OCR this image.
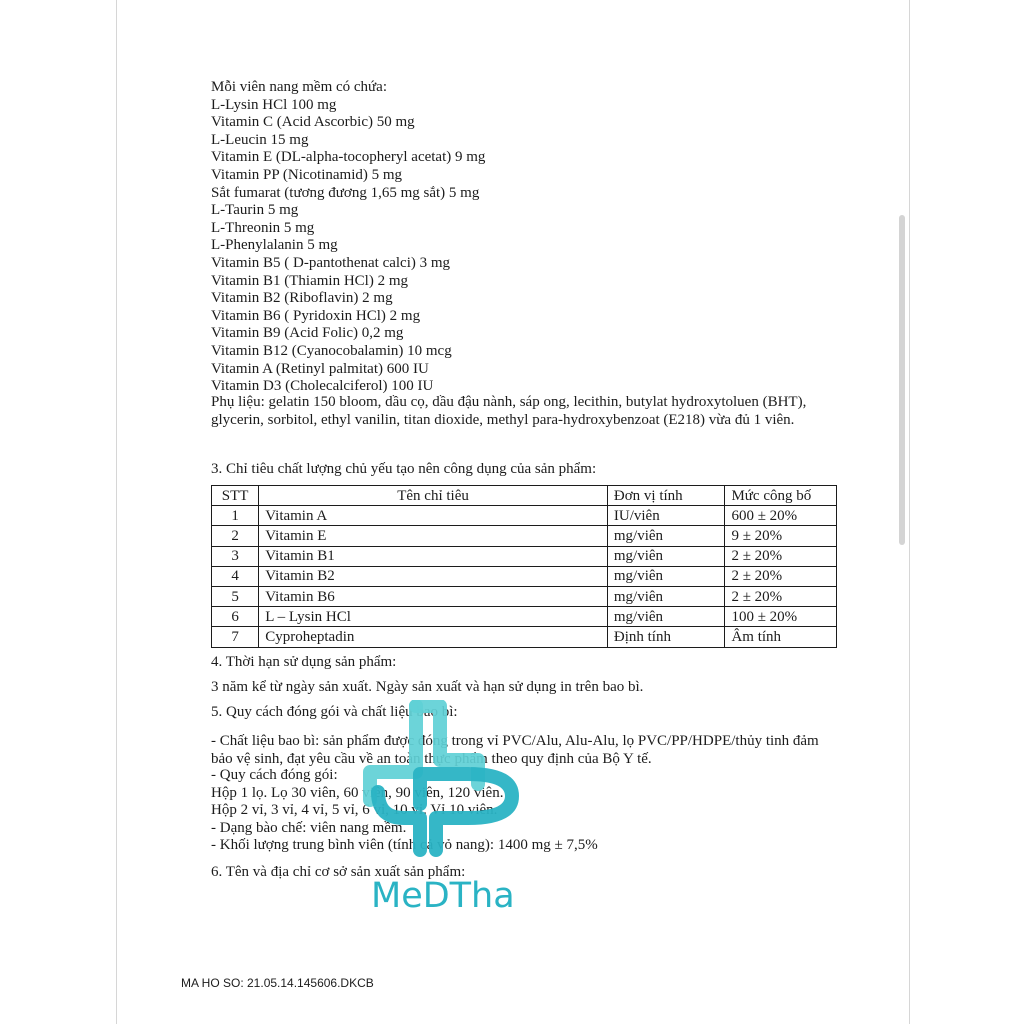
Mỗi viên nang mềm có chứa:
L-Lysin HCl 100 mg
Vitamin C (Acid Ascorbic) 50 mg
L-Leucin 15 mg
Vitamin E (DL-alpha-tocopheryl acetat) 9 mg
Vitamin PP (Nicotinamid) 5 mg
Sắt fumarat (tương đương 1,65 mg sắt) 5 mg
L-Taurin 5 mg
L-Threonin 5 mg
L-Phenylalanin 5 mg
Vitamin B5 ( D-pantothenat calci) 3 mg
Vitamin B1 (Thiamin HCl) 2 mg
Vitamin B2 (Riboflavin) 2 mg
Vitamin B6 ( Pyridoxin HCl) 2 mg
Vitamin B9 (Acid Folic) 0,2 mg
Vitamin B12 (Cyanocobalamin) 10 mcg
Vitamin A (Retinyl palmitat) 600 IU
Vitamin D3 (Cholecalciferol) 100 IU
Phụ liệu: gelatin 150 bloom, dầu cọ, dầu đậu nành, sáp ong, lecithin, butylat hydroxytoluen (BHT), glycerin, sorbitol, ethyl vanilin, titan dioxide, methyl para-hydroxybenzoat (E218) vừa đủ 1 viên.
3. Chỉ tiêu chất lượng chủ yếu tạo nên công dụng của sản phẩm:
STT	Tên chỉ tiêu	Đơn vị tính	Mức công bố
1	Vitamin A	IU/viên	600 ± 20%
2	Vitamin E	mg/viên	9 ± 20%
3	Vitamin B1	mg/viên	2 ± 20%
4	Vitamin B2	mg/viên	2 ± 20%
5	Vitamin B6	mg/viên	2 ± 20%
6	L – Lysin HCl	mg/viên	100 ± 20%
7	Cyproheptadin	Định tính	Âm tính
4. Thời hạn sử dụng sản phẩm:
3 năm kể từ ngày sản xuất. Ngày sản xuất và hạn sử dụng in trên bao bì.
5. Quy cách đóng gói và chất liệu bao bì:
- Chất liệu bao bì: sản phẩm được đóng trong vỉ PVC/Alu, Alu-Alu, lọ PVC/PP/HDPE/thủy tinh đảm bảo vệ sinh, đạt yêu cầu về an toàn thực phẩm theo quy định của Bộ Y tế.
- Quy cách đóng gói:
Hộp 1 lọ. Lọ 30 viên, 60 viên, 90 viên, 120 viên.
Hộp 2 vỉ, 3 vỉ, 4 vỉ, 5 vỉ, 6 vỉ, 10 vỉ. Vỉ 10 viên.
- Dạng bào chế: viên nang mềm.
- Khối lượng trung bình viên (tính cả vỏ nang): 1400 mg ± 7,5%
6. Tên và địa chỉ cơ sở sản xuất sản phẩm:
MA HO SO: 21.05.14.145606.DKCB
MeDTha
